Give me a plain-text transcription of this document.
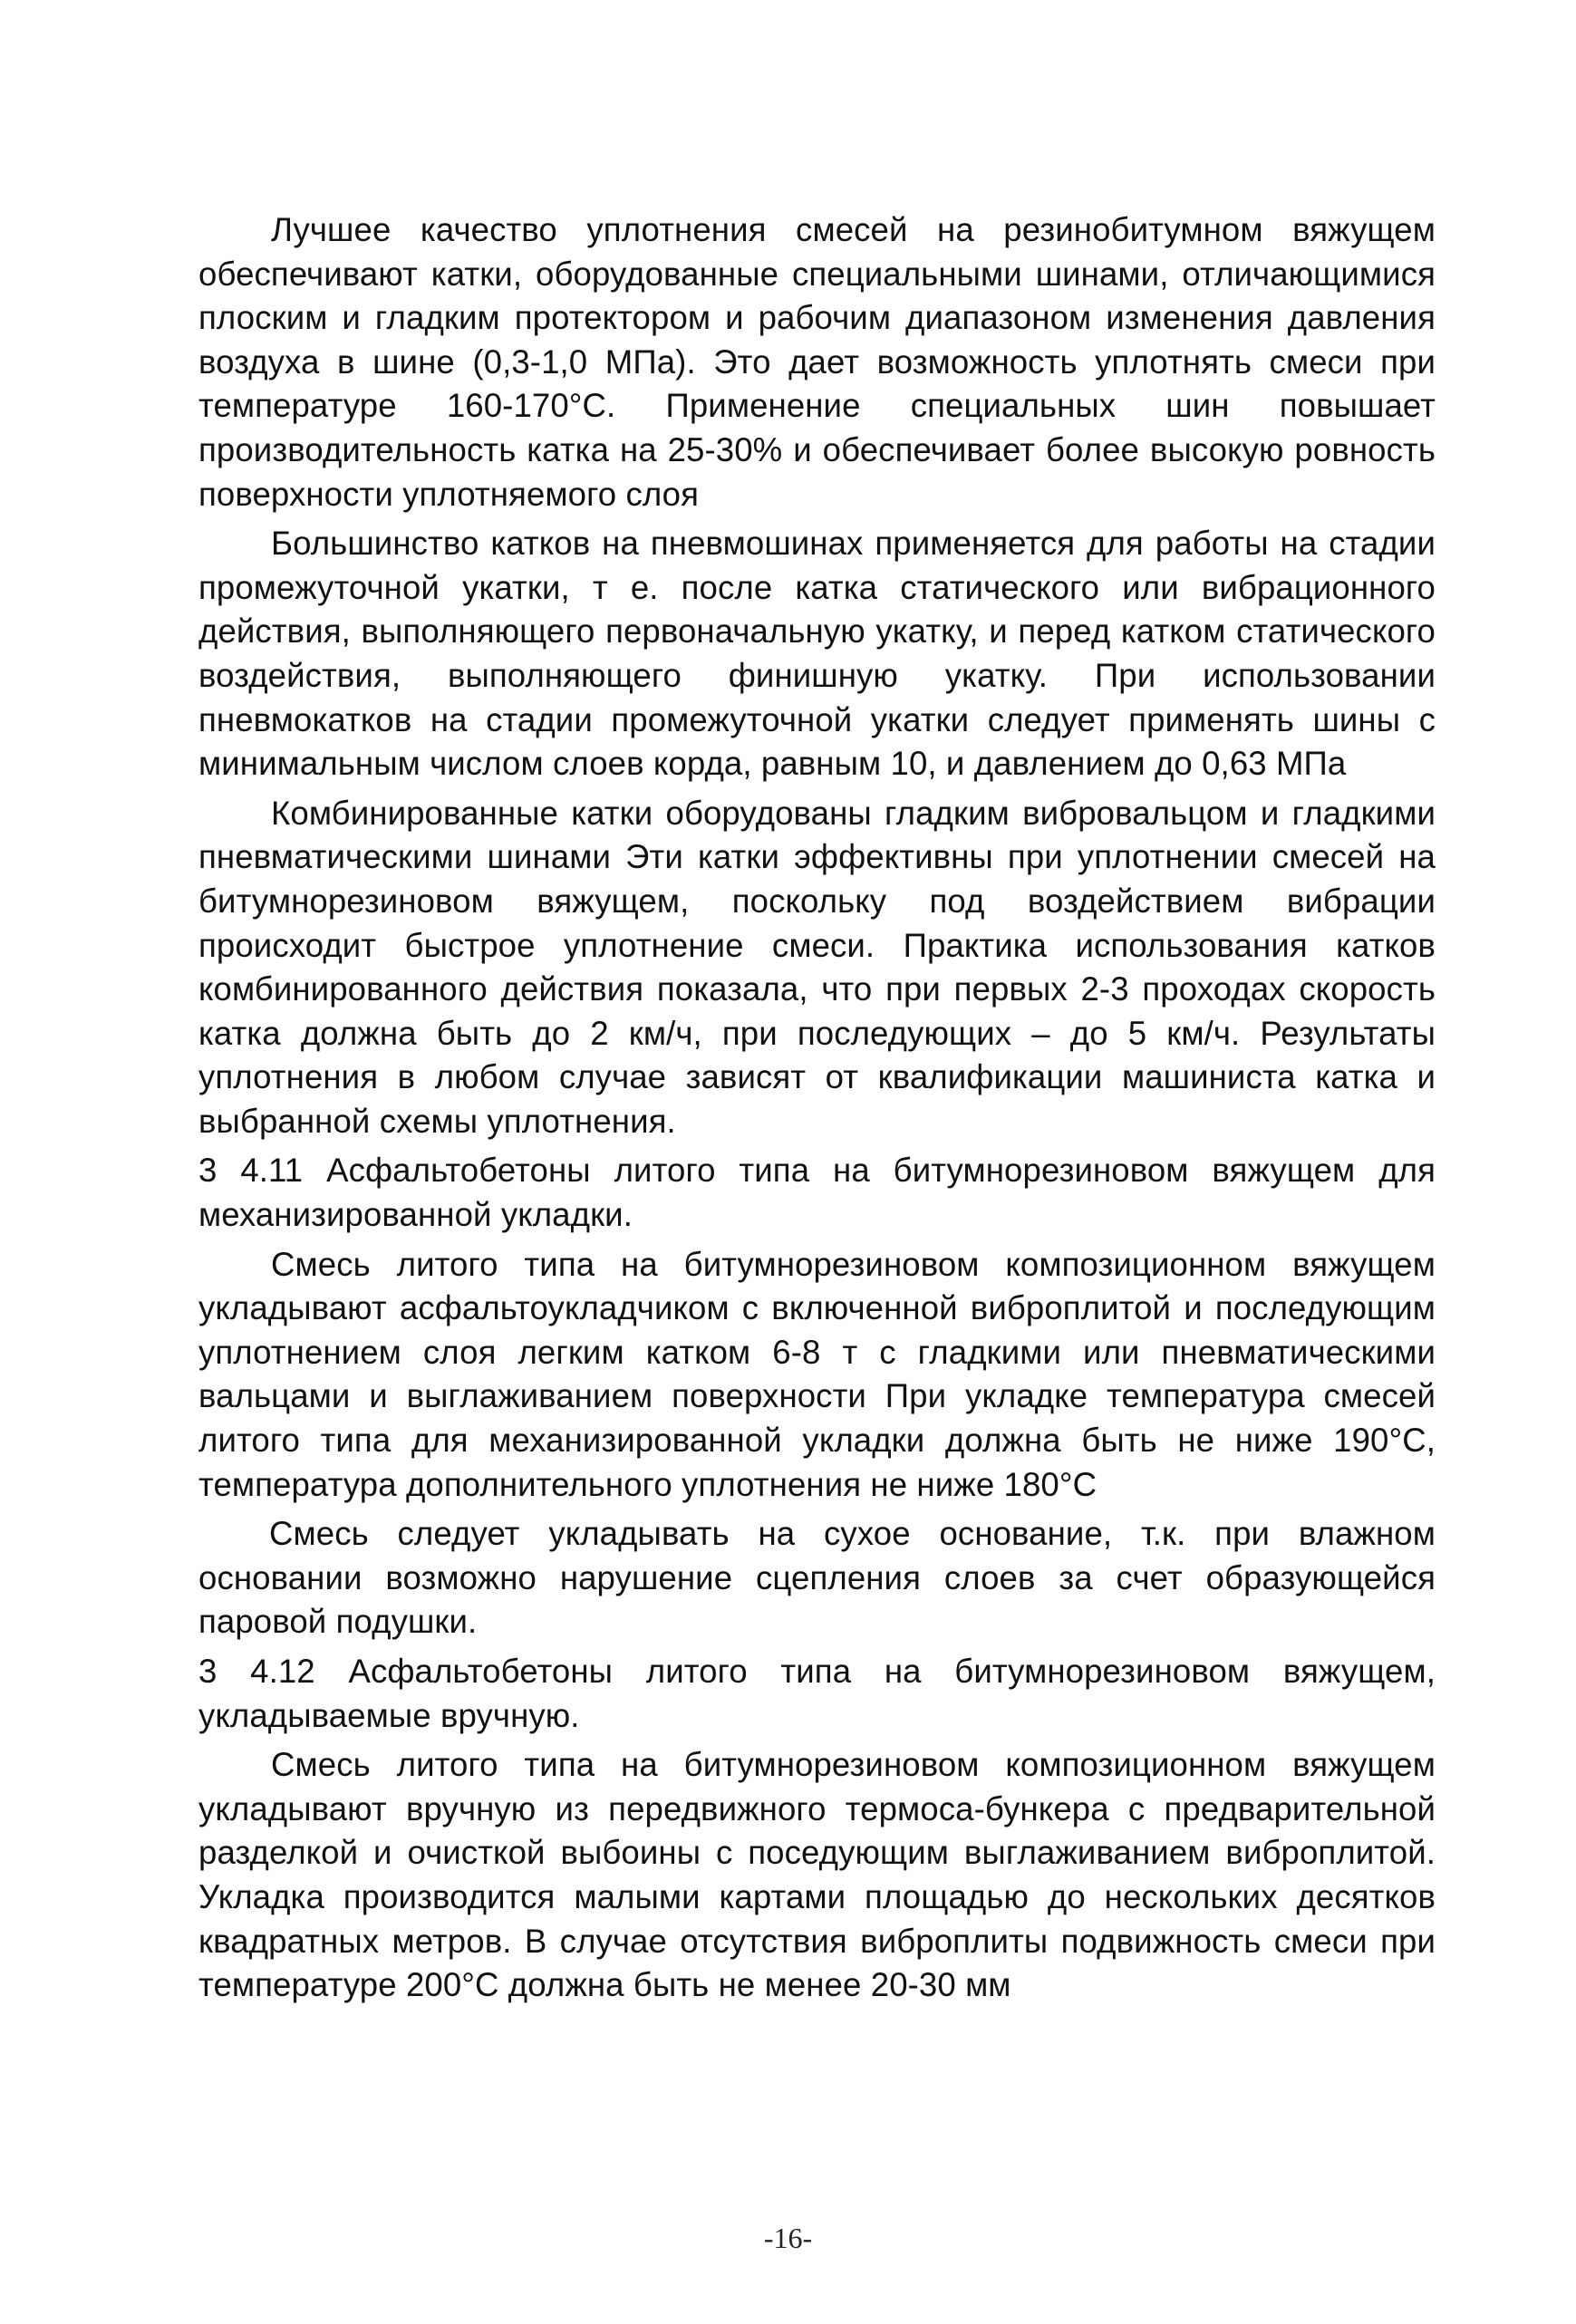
Лучшее качество уплотнения смесей на резинобитумном вяжущем обеспечивают катки, оборудованные специальными шинами, отличающимися плоским и гладким протектором и рабочим диапазоном изменения давления воздуха в шине (0,3-1,0 МПа). Это дает возможность уплотнять смеси при температуре 160-170°С. Применение специальных шин повышает производительность катка на 25-30% и обеспечивает более высокую ровность поверхности уплотняемого слоя

Большинство катков на пневмошинах применяется для работы на стадии промежуточной укатки, т е. после катка статического или вибрационного действия, выполняющего первоначальную укатку, и перед катком статического воздействия, выполняющего финишную укатку. При использовании пневмокатков на стадии промежуточной укатки следует применять шины с минимальным числом слоев корда, равным 10, и давлением до 0,63 МПа

Комбинированные катки оборудованы гладким вибровальцом и гладкими пневматическими шинами Эти катки эффективны при уплотнении смесей на битумнорезиновом вяжущем, поскольку под воздействием вибрации происходит быстрое уплотнение смеси. Практика использования катков комбинированного действия показала, что при первых 2-3 проходах скорость катка должна быть до 2 км/ч, при последующих – до 5 км/ч. Результаты уплотнения в любом случае зависят от квалификации машиниста катка и выбранной схемы уплотнения.

3 4.11 Асфальтобетоны литого типа на битумнорезиновом вяжущем для механизированной укладки.

Смесь литого типа на битумнорезиновом композиционном вяжущем укладывают асфальтоукладчиком с включенной виброплитой и последующим уплотнением слоя легким катком 6-8 т с гладкими или пневматическими вальцами и выглаживанием поверхности При укладке температура смесей литого типа для механизированной укладки должна быть не ниже 190°С, температура дополнительного уплотнения не ниже 180°С

Смесь следует укладывать на сухое основание, т.к. при влажном основании возможно нарушение сцепления слоев за счет образующейся паровой подушки.

3 4.12 Асфальтобетоны литого типа на битумнорезиновом вяжущем, укладываемые вручную.

Смесь литого типа на битумнорезиновом композиционном вяжущем укладывают вручную из передвижного термоса-бункера с предварительной разделкой и очисткой выбоины с поседующим выглаживанием виброплитой. Укладка производится малыми картами площадью до нескольких десятков квадратных метров. В случае отсутствия виброплиты подвижность смеси при температуре 200°С должна быть не менее 20-30 мм

-16-
